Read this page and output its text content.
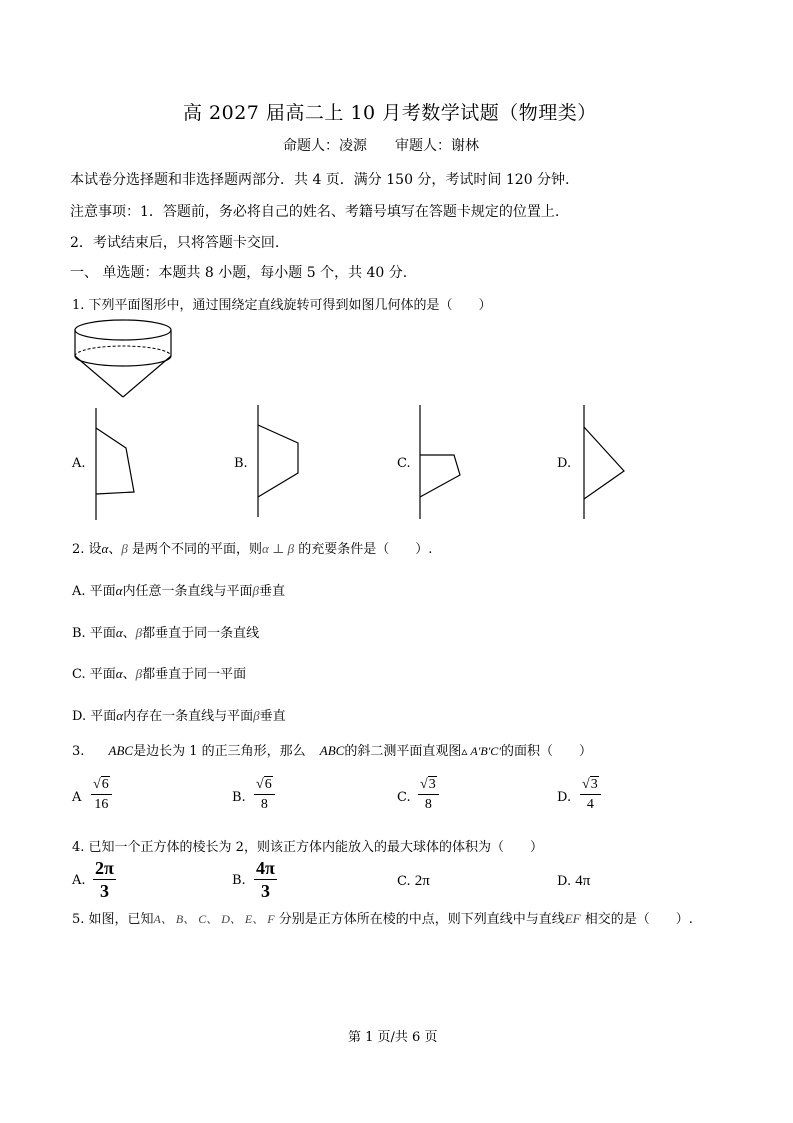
高 2027 届高二上 10 月考数学试题（物理类）
命题人：凌源　　审题人：谢林
本试卷分选择题和非选择题两部分．共 4 页．满分 150 分，考试时间 120 分钟.
注意事项：1．答题前，务必将自己的姓名、考籍号填写在答题卡规定的位置上.
2．考试结束后，只将答题卡交回.
一、 单选题：本题共 8 小题，每小题 5 个，共 40 分.
1. 下列平面图形中，通过围绕定直线旋转可得到如图几何体的是（　　）
A.	B.	C.	D.
2. 设α、β 是两个不同的平面，则α ⊥ β 的充要条件是（　　）.
A. 平面α内任意一条直线与平面β垂直
B. 平面α、β都垂直于同一条直线
C. 平面α、β都垂直于同一平面
D. 平面α内存在一条直线与平面β垂直
3. ABC是边长为 1 的正三角形，那么 ABC的斜二测平面直观图▵ A′B′C′的面积（　　）
A $\frac{√6}{16}$	B. $\frac{√6}{8}$	C. $\frac{√3}{8}$	D. $\frac{√3}{4}$
4. 已知一个正方体的棱长为 2，则该正方体内能放入的最大球体的体积为（　　）
A. $\frac{2\pi}{3}$	B. $\frac{4\pi}{3}$	C. 2π	D. 4π
5. 如图，已知A、 B、 C、 D、 E、 F 分别是正方体所在棱的中点，则下列直线中与直线EF 相交的是（　　）.
第 1 页/共 6 页
